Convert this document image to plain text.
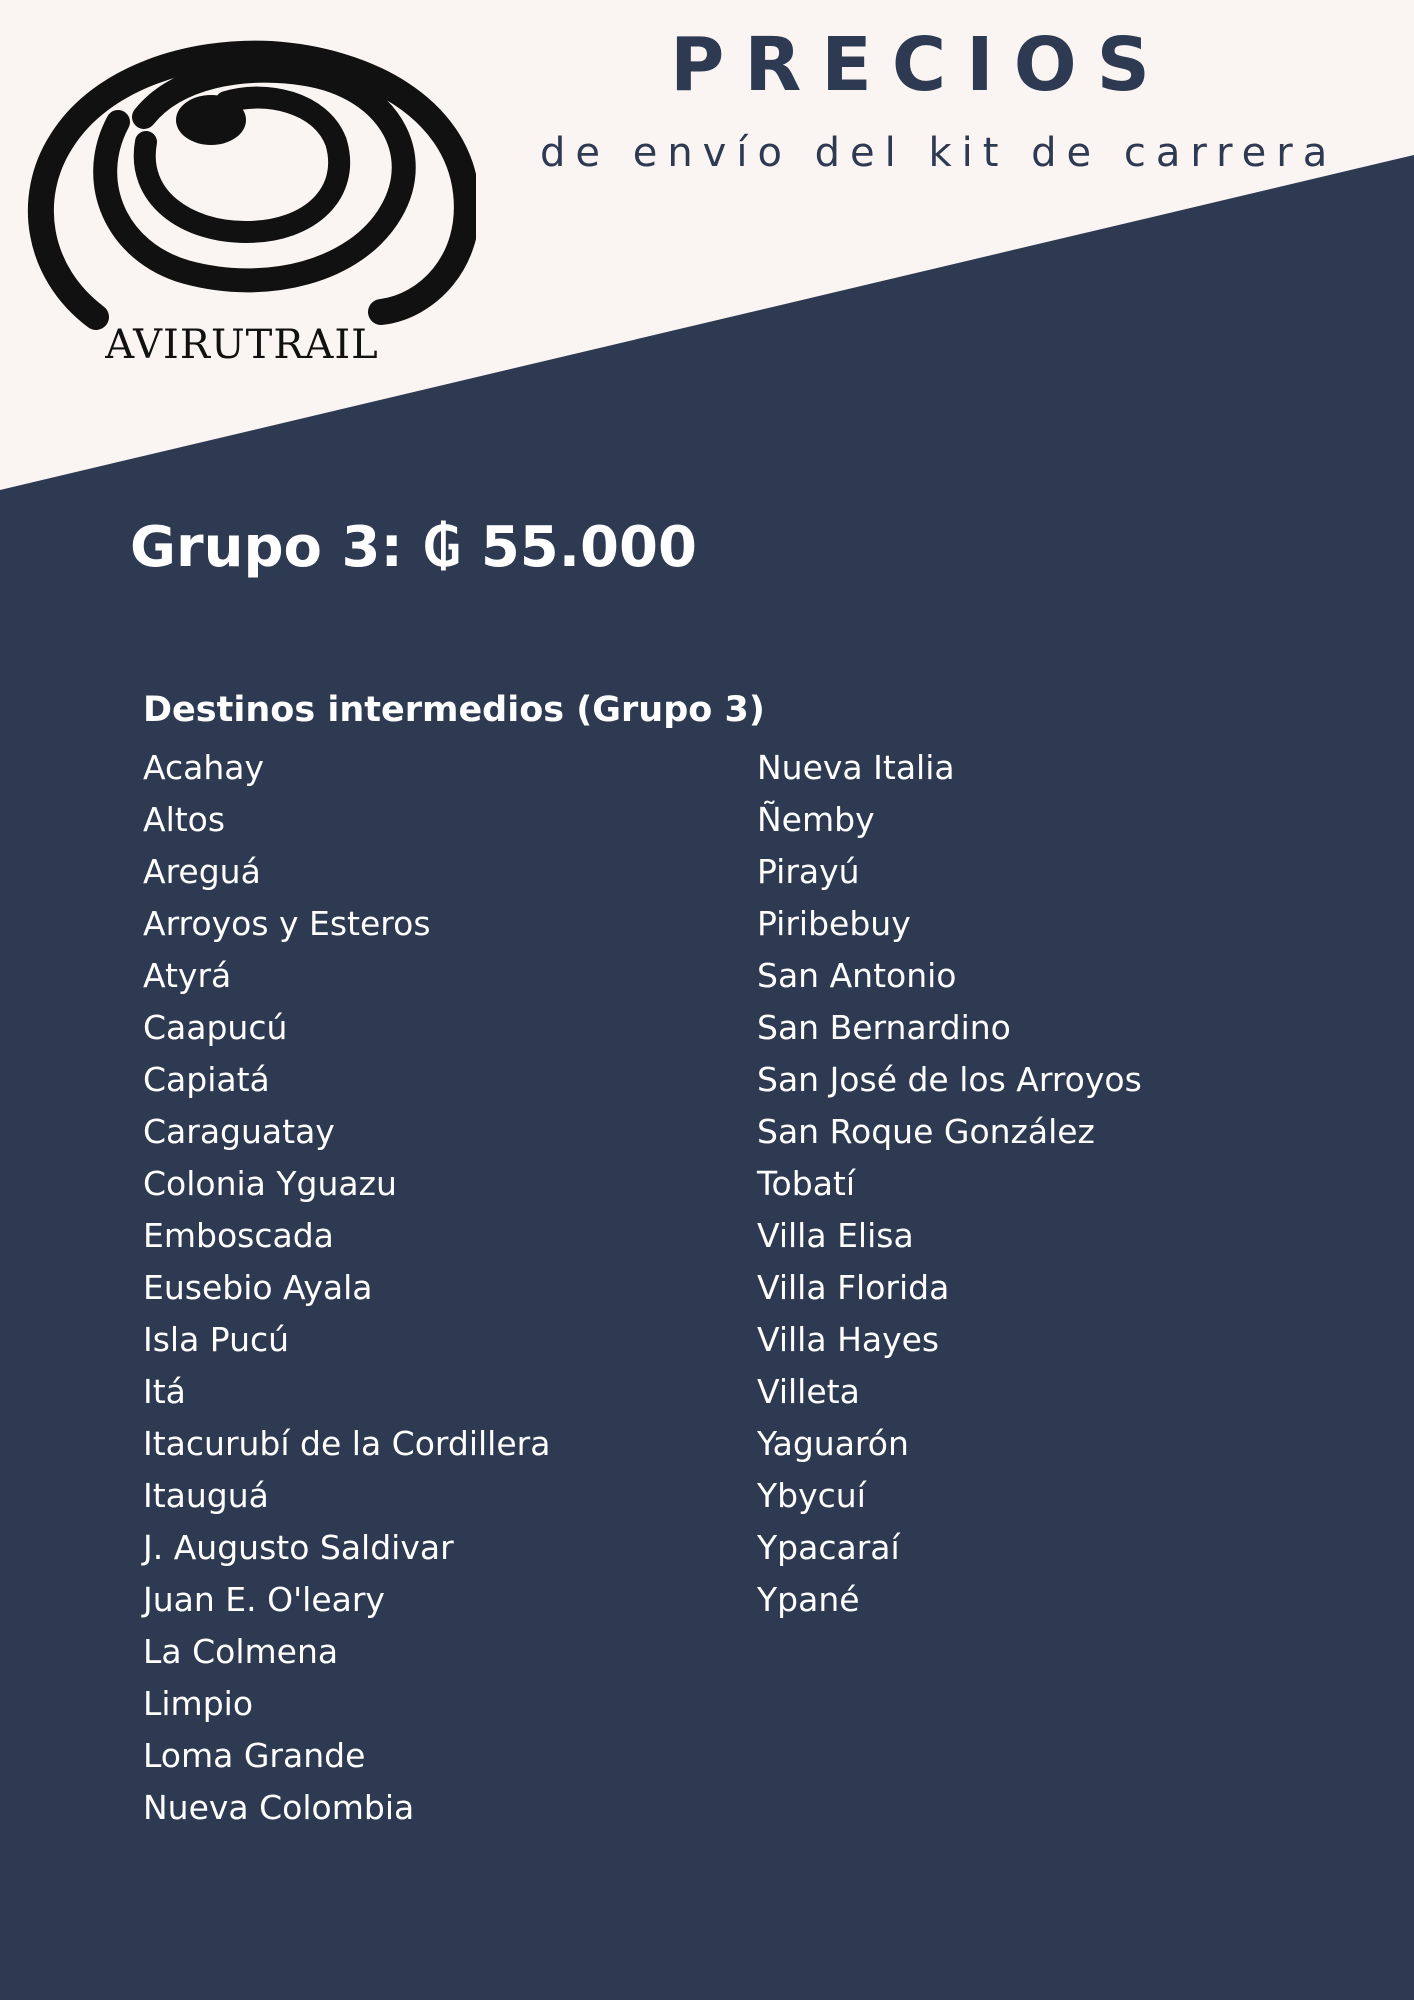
AVIRUTRAIL
PRECIOS
de envío del kit de carrera
Grupo 3: ₲ 55.000
Destinos intermedios (Grupo 3)
Acahay
Altos
Areguá
Arroyos y Esteros
Atyrá
Caapucú
Capiatá
Caraguatay
Colonia Yguazu
Emboscada
Eusebio Ayala
Isla Pucú
Itá
Itacurubí de la Cordillera
Itauguá
J. Augusto Saldivar
Juan E. O'leary
La Colmena
Limpio
Loma Grande
Nueva Colombia
Nueva Italia
Ñemby
Pirayú
Piribebuy
San Antonio
San Bernardino
San José de los Arroyos
San Roque González
Tobatí
Villa Elisa
Villa Florida
Villa Hayes
Villeta
Yaguarón
Ybycuí
Ypacaraí
Ypané
